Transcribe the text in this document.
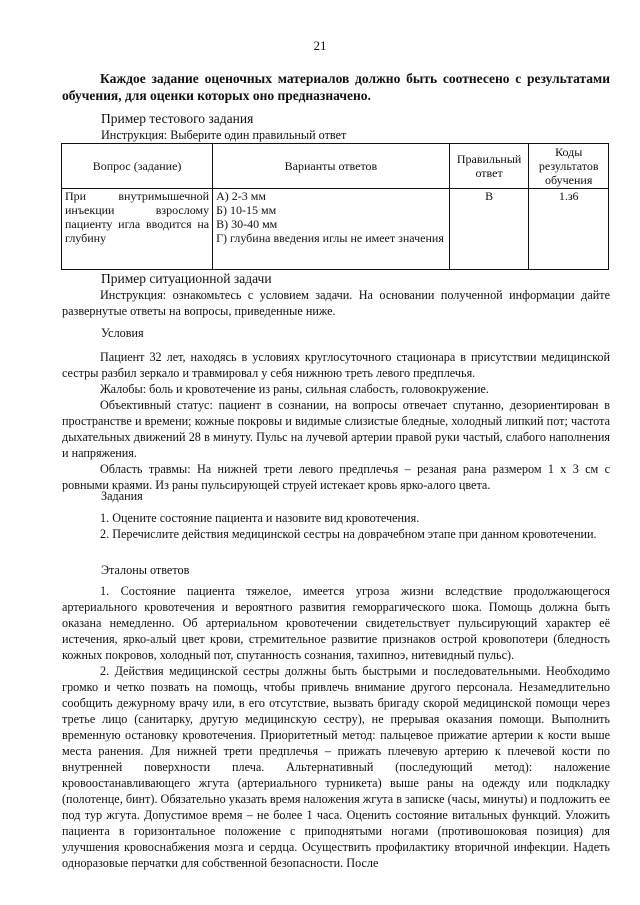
21
Каждое задание оценочных материалов должно быть соотнесено с результатами обучения, для оценки которых оно предназначено.
Пример тестового задания
Инструкция: Выберите один правильный ответ
Вопрос (задание)	Варианты ответов	Правильный ответ	Коды результатов обучения
При внутримышечной инъекции взрослому пациенту игла вводится на глубину	А) 2-3 мм
Б) 10-15 мм
В) 30-40 мм
Г) глубина введения иглы не имеет значения	В	1.з6
Пример ситуационной задачи
Инструкция: ознакомьтесь с условием задачи. На основании полученной информации дайте развернутые ответы на вопросы, приведенные ниже.
Условия
Пациент 32 лет, находясь в условиях круглосуточного стационара в присутствии медицинской сестры разбил зеркало и травмировал у себя нижнюю треть левого предплечья.
Жалобы: боль и кровотечение из раны, сильная слабость, головокружение.
Объективный статус: пациент в сознании, на вопросы отвечает спутанно, дезориентирован в пространстве и времени; кожные покровы и видимые слизистые бледные, холодный липкий пот; частота дыхательных движений 28 в минуту. Пульс на лучевой артерии правой руки частый, слабого наполнения и напряжения.
Область травмы: На нижней трети левого предплечья – резаная рана размером 1 х 3 см с ровными краями. Из раны пульсирующей струей истекает кровь ярко-алого цвета.
Задания
1. Оцените состояние пациента и назовите вид кровотечения.
2. Перечислите действия медицинской сестры на доврачебном этапе при данном кровотечении.
Эталоны ответов
1. Состояние пациента тяжелое, имеется угроза жизни вследствие продолжающегося артериального кровотечения и вероятного развития геморрагического шока. Помощь должна быть оказана немедленно. Об артериальном кровотечении свидетельствует пульсирующий характер её истечения, ярко-алый цвет крови, стремительное развитие признаков острой кровопотери (бледность кожных покровов, холодный пот, спутанность сознания, тахипноэ, нитевидный пульс).
2. Действия медицинской сестры должны быть быстрыми и последовательными. Необходимо громко и четко позвать на помощь, чтобы привлечь внимание другого персонала. Незамедлительно сообщить дежурному врачу или, в его отсутствие, вызвать бригаду скорой медицинской помощи через третье лицо (санитарку, другую медицинскую сестру), не прерывая оказания помощи. Выполнить временную остановку кровотечения. Приоритетный метод: пальцевое прижатие артерии к кости выше места ранения. Для нижней трети предплечья – прижать плечевую артерию к плечевой кости по внутренней поверхности плеча. Альтернативный (последующий метод): наложение кровоостанавливающего жгута (артериального турникета) выше раны на одежду или подкладку (полотенце, бинт). Обязательно указать время наложения жгута в записке (часы, минуты) и подложить ее под тур жгута. Допустимое время – не более 1 часа. Оценить состояние витальных функций. Уложить пациента в горизонтальное положение с приподнятыми ногами (противошоковая позиция) для улучшения кровоснабжения мозга и сердца. Осуществить профилактику вторичной инфекции. Надеть одноразовые перчатки для собственной безопасности. После
